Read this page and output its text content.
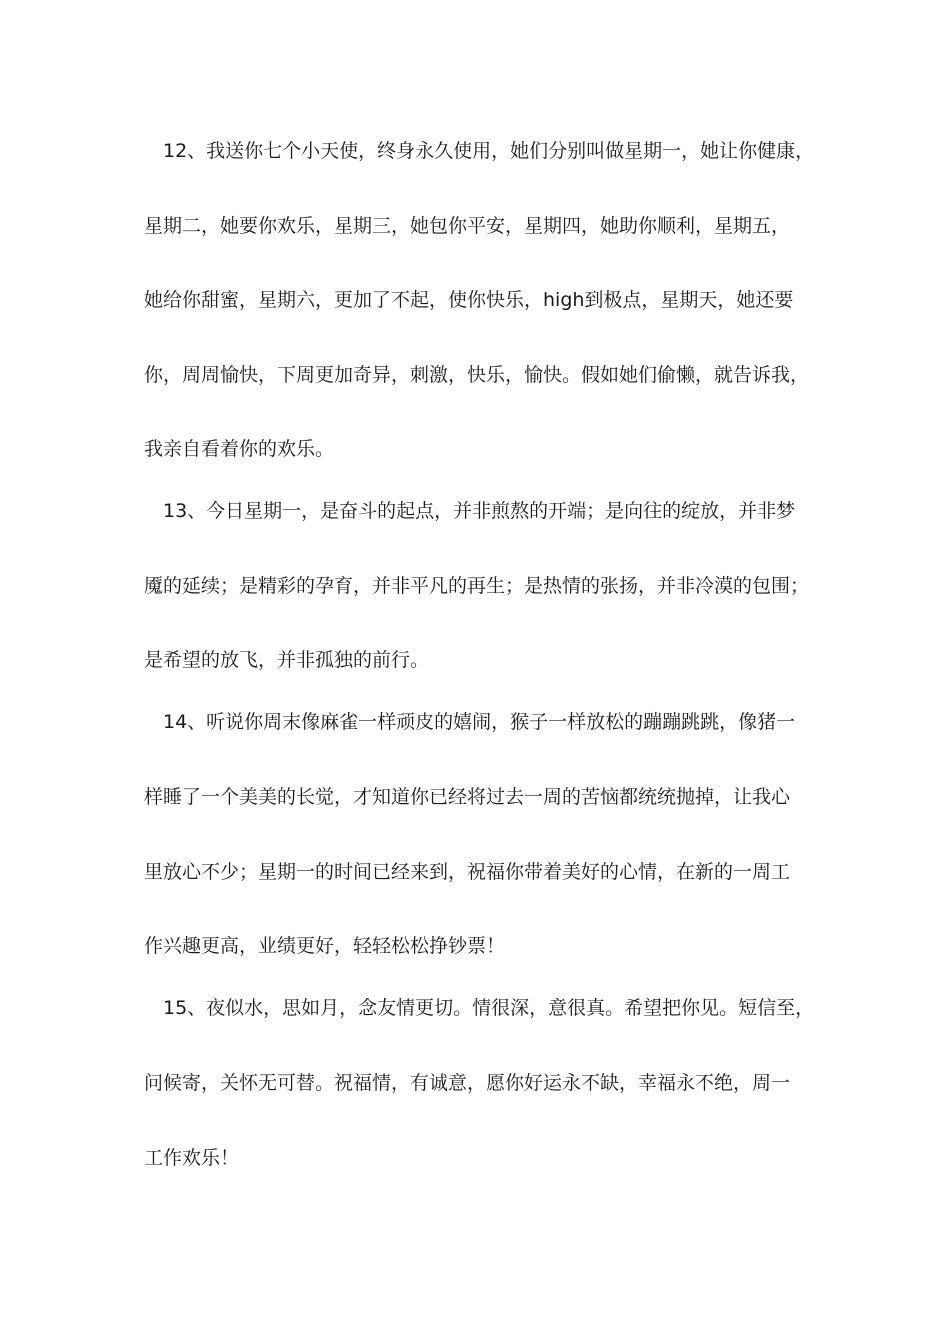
12、我送你七个小天使，终身永久使用，她们分别叫做星期一，她让你健康，
星期二，她要你欢乐，星期三，她包你平安，星期四，她助你顺利，星期五，
她给你甜蜜，星期六，更加了不起，使你快乐，high到极点，星期天，她还要
你，周周愉快，下周更加奇异，刺激，快乐，愉快。假如她们偷懒，就告诉我，
我亲自看着你的欢乐。
13、今日星期一，是奋斗的起点，并非煎熬的开端；是向往的绽放，并非梦
魇的延续；是精彩的孕育，并非平凡的再生；是热情的张扬，并非冷漠的包围；
是希望的放飞，并非孤独的前行。
14、听说你周末像麻雀一样顽皮的嬉闹，猴子一样放松的蹦蹦跳跳，像猪一
样睡了一个美美的长觉，才知道你已经将过去一周的苦恼都统统抛掉，让我心
里放心不少；星期一的时间已经来到，祝福你带着美好的心情，在新的一周工
作兴趣更高，业绩更好，轻轻松松挣钞票！
15、夜似水，思如月，念友情更切。情很深，意很真。希望把你见。短信至，
问候寄，关怀无可替。祝福情，有诚意，愿你好运永不缺，幸福永不绝，周一
工作欢乐！
